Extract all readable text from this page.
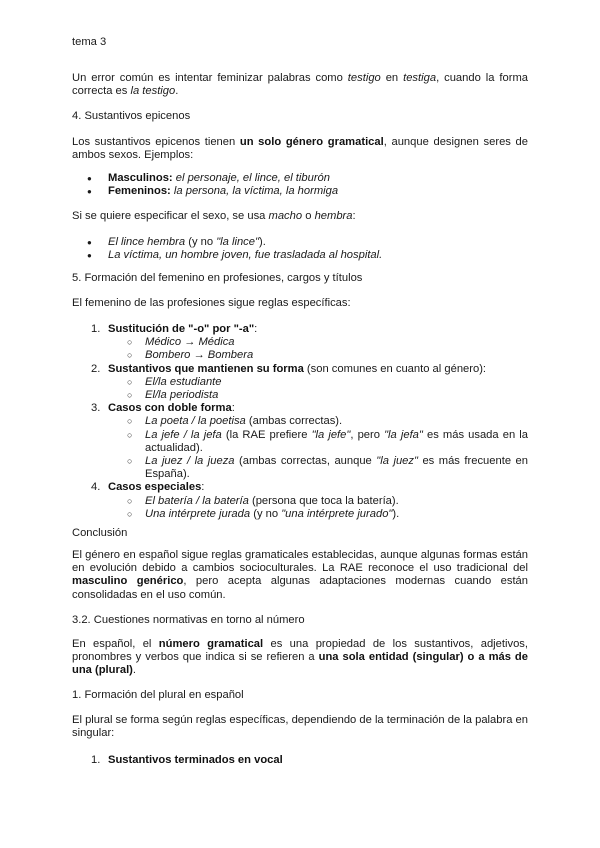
tema 3

Un error común es intentar feminizar palabras como testigo en testiga, cuando la forma correcta es la testigo.

4. Sustantivos epicenos

Los sustantivos epicenos tienen un solo género gramatical, aunque designen seres de ambos sexos. Ejemplos:

● Masculinos: el personaje, el lince, el tiburón

● Femeninos: la persona, la víctima, la hormiga

Si se quiere especificar el sexo, se usa macho o hembra:

● El lince hembra (y no "la lince").

● La víctima, un hombre joven, fue trasladada al hospital.

5. Formación del femenino en profesiones, cargos y títulos

El femenino de las profesiones sigue reglas específicas:

1. Sustitución de "-o" por "-a":

○ Médico → Médica

○ Bombero → Bombera

2. Sustantivos que mantienen su forma (son comunes en cuanto al género):

○ El/la estudiante

○ El/la periodista

3. Casos con doble forma:

○ La poeta / la poetisa (ambas correctas).

○ La jefe / la jefa (la RAE prefiere "la jefe", pero "la jefa" es más usada en la actualidad).

○ La juez / la jueza (ambas correctas, aunque "la juez" es más frecuente en España).

4. Casos especiales:

○ El batería / la batería (persona que toca la batería).

○ Una intérprete jurada (y no "una intérprete jurado").

Conclusión

El género en español sigue reglas gramaticales establecidas, aunque algunas formas están en evolución debido a cambios socioculturales. La RAE reconoce el uso tradicional del masculino genérico, pero acepta algunas adaptaciones modernas cuando están consolidadas en el uso común.

3.2. Cuestiones normativas en torno al número

En español, el número gramatical es una propiedad de los sustantivos, adjetivos, pronombres y verbos que indica si se refieren a una sola entidad (singular) o a más de una (plural).

1. Formación del plural en español

El plural se forma según reglas específicas, dependiendo de la terminación de la palabra en singular:

1. Sustantivos terminados en vocal
